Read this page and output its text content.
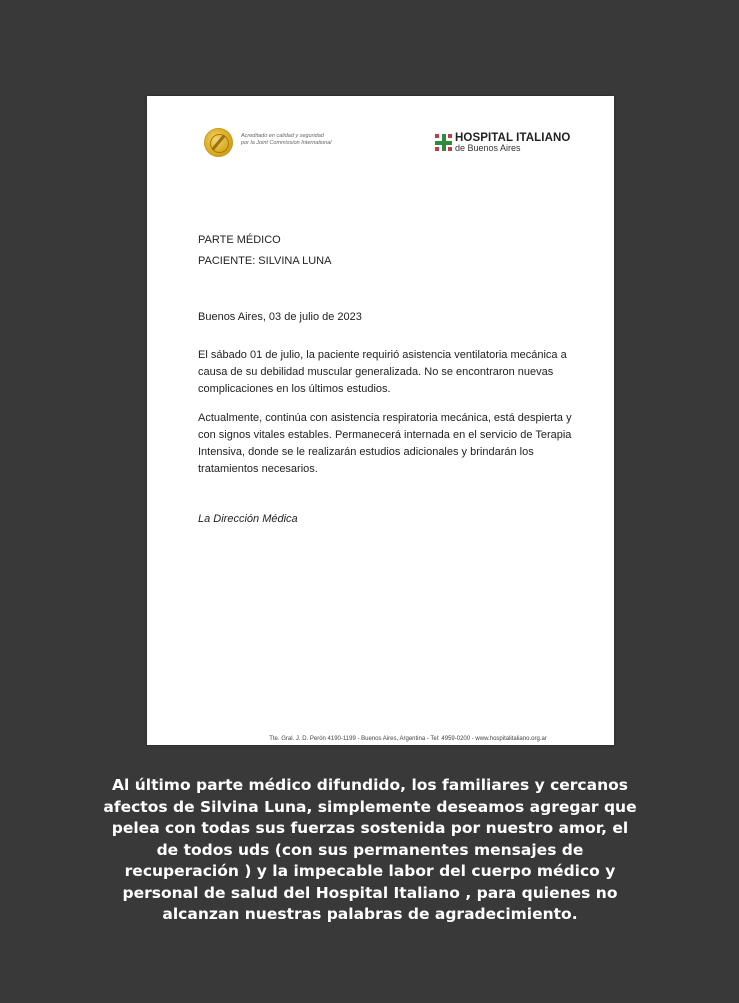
Acreditado en calidad y seguridad
por la Joint Commission International	HOSPITAL ITALIANO
de Buenos Aires
PARTE MÉDICO
PACIENTE: SILVINA LUNA
Buenos Aires, 03 de julio de 2023
El sábado 01 de julio, la paciente requirió asistencia ventilatoria mecánica a causa de su debilidad muscular generalizada. No se encontraron nuevas complicaciones en los últimos estudios.
Actualmente, continúa con asistencia respiratoria mecánica, está despierta y con signos vitales estables. Permanecerá internada en el servicio de Terapia Intensiva, donde se le realizarán estudios adicionales y brindarán los tratamientos necesarios.
La Dirección Médica
Tte. Gral. J. D. Perón 4190-1199 - Buenos Aires, Argentina - Tel: 4959-0200 - www.hospitalitaliano.org.ar
Al último parte médico difundido, los familiares y cercanos afectos de Silvina Luna, simplemente deseamos agregar que pelea con todas sus fuerzas sostenida por nuestro amor, el de todos uds (con sus permanentes mensajes de recuperación ) y la impecable labor del cuerpo médico y personal de salud del Hospital Italiano , para quienes no alcanzan nuestras palabras de agradecimiento.
